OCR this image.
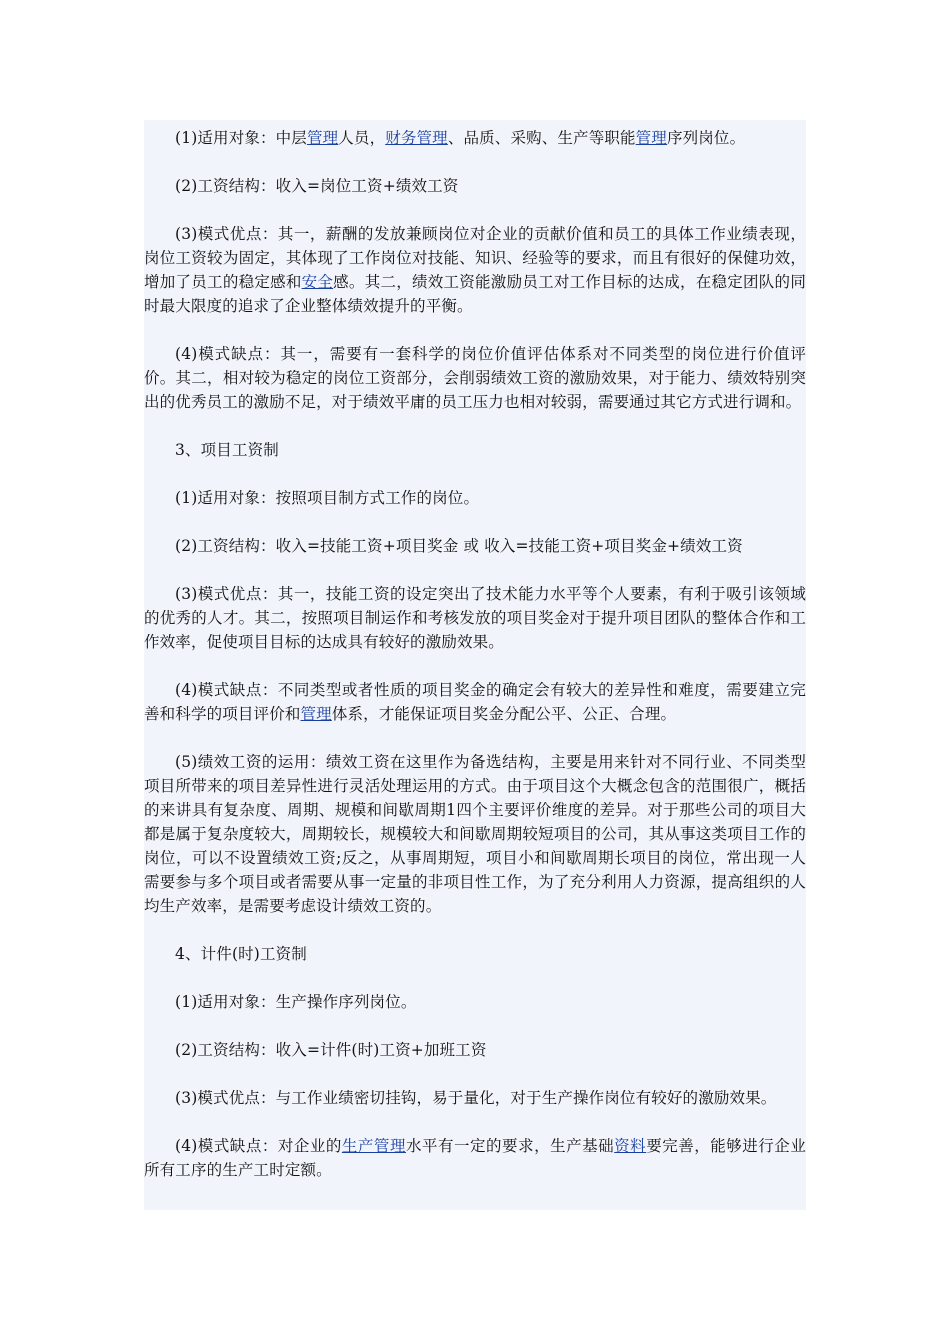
(1)适用对象：中层管理人员，财务管理、品质、采购、生产等职能管理序列岗位。

(2)工资结构：收入=岗位工资+绩效工资

(3)模式优点：其一，薪酬的发放兼顾岗位对企业的贡献价值和员工的具体工作业绩表现，岗位工资较为固定，其体现了工作岗位对技能、知识、经验等的要求，而且有很好的保健功效，增加了员工的稳定感和安全感。其二，绩效工资能激励员工对工作目标的达成，在稳定团队的同时最大限度的追求了企业整体绩效提升的平衡。

(4)模式缺点：其一，需要有一套科学的岗位价值评估体系对不同类型的岗位进行价值评价。其二，相对较为稳定的岗位工资部分，会削弱绩效工资的激励效果，对于能力、绩效特别突出的优秀员工的激励不足，对于绩效平庸的员工压力也相对较弱，需要通过其它方式进行调和。

3、项目工资制

(1)适用对象：按照项目制方式工作的岗位。

(2)工资结构：收入=技能工资+项目奖金 或 收入=技能工资+项目奖金+绩效工资

(3)模式优点：其一，技能工资的设定突出了技术能力水平等个人要素，有利于吸引该领域的优秀的人才。其二，按照项目制运作和考核发放的项目奖金对于提升项目团队的整体合作和工作效率，促使项目目标的达成具有较好的激励效果。

(4)模式缺点：不同类型或者性质的项目奖金的确定会有较大的差异性和难度，需要建立完善和科学的项目评价和管理体系，才能保证项目奖金分配公平、公正、合理。

(5)绩效工资的运用：绩效工资在这里作为备选结构，主要是用来针对不同行业、不同类型项目所带来的项目差异性进行灵活处理运用的方式。由于项目这个大概念包含的范围很广，概括的来讲具有复杂度、周期、规模和间歇周期1四个主要评价维度的差异。对于那些公司的项目大都是属于复杂度较大，周期较长，规模较大和间歇周期较短项目的公司，其从事这类项目工作的岗位，可以不设置绩效工资;反之，从事周期短，项目小和间歇周期长项目的岗位，常出现一人需要参与多个项目或者需要从事一定量的非项目性工作，为了充分利用人力资源，提高组织的人均生产效率，是需要考虑设计绩效工资的。

4、计件(时)工资制

(1)适用对象：生产操作序列岗位。

(2)工资结构：收入=计件(时)工资+加班工资

(3)模式优点：与工作业绩密切挂钩，易于量化，对于生产操作岗位有较好的激励效果。

(4)模式缺点：对企业的生产管理水平有一定的要求，生产基础资料要完善，能够进行企业所有工序的生产工时定额。
